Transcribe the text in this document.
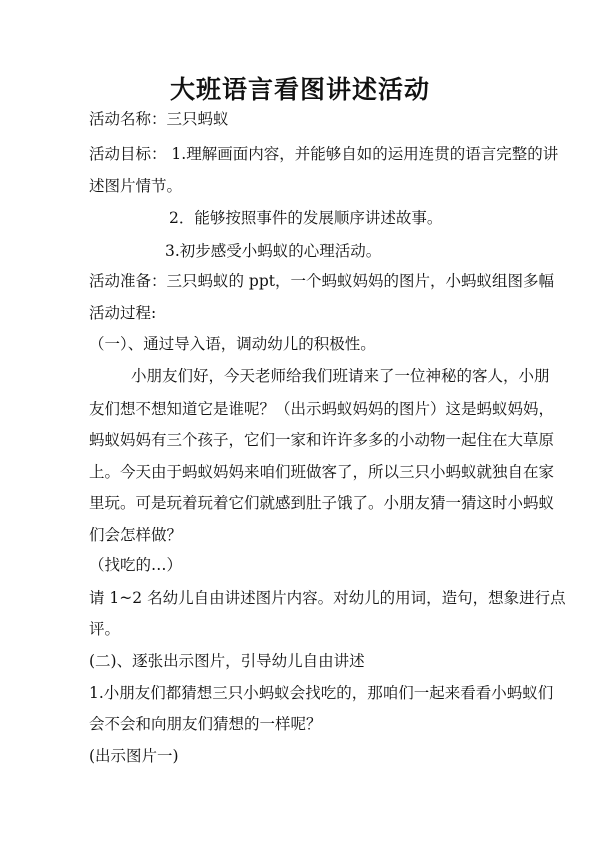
大班语言看图讲述活动

活动名称：三只蚂蚁

活动目标： 1.理解画面内容，并能够自如的运用连贯的语言完整的讲

述图片情节。

2．能够按照事件的发展顺序讲述故事。

3.初步感受小蚂蚁的心理活动。

活动准备：三只蚂蚁的 ppt，一个蚂蚁妈妈的图片，小蚂蚁组图多幅

活动过程:

（一）、通过导入语，调动幼儿的积极性。

小朋友们好，今天老师给我们班请来了一位神秘的客人，小朋

友们想不想知道它是谁呢？（出示蚂蚁妈妈的图片）这是蚂蚁妈妈，

蚂蚁妈妈有三个孩子，它们一家和许许多多的小动物一起住在大草原

上。今天由于蚂蚁妈妈来咱们班做客了，所以三只小蚂蚁就独自在家

里玩。可是玩着玩着它们就感到肚子饿了。小朋友猜一猜这时小蚂蚁

们会怎样做？

（找吃的…）

请 1~2 名幼儿自由讲述图片内容。对幼儿的用词，造句，想象进行点

评。

(二)、逐张出示图片，引导幼儿自由讲述

1.小朋友们都猜想三只小蚂蚁会找吃的，那咱们一起来看看小蚂蚁们

会不会和向朋友们猜想的一样呢？

(出示图片一)
